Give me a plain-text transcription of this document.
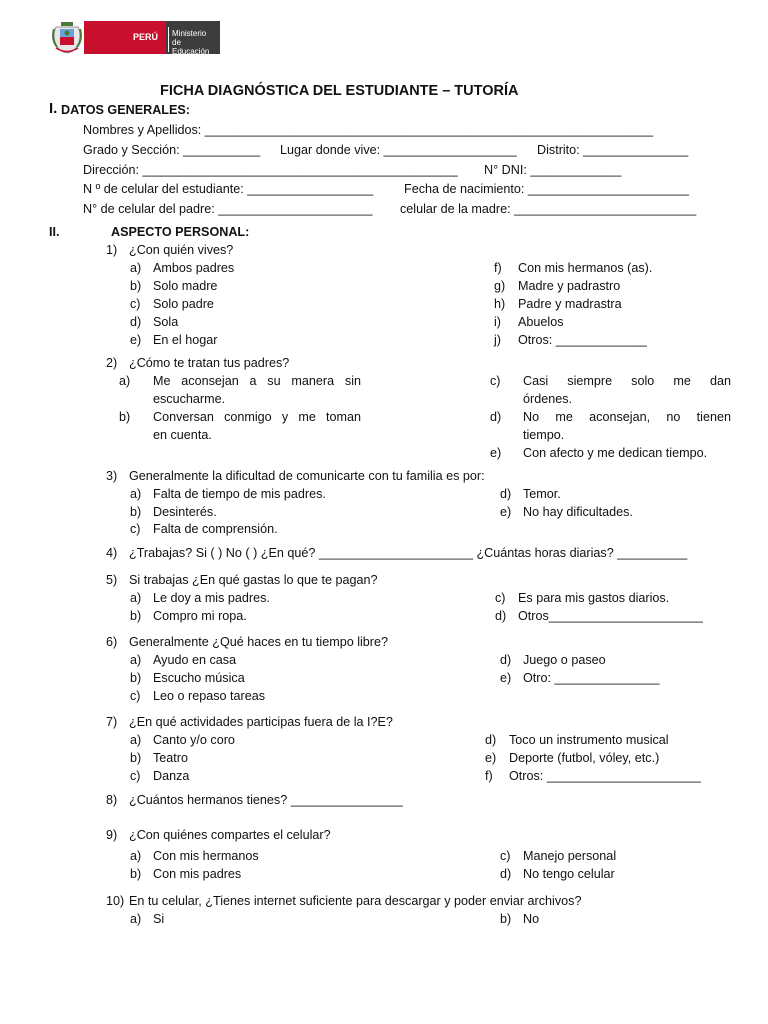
PERÚ Ministerio
de Educación
FICHA DIAGNÓSTICA DEL ESTUDIANTE – TUTORÍA
I. DATOS GENERALES:
Nombres y Apellidos: ________________________________________________________________
Grado y Sección: ___________ Lugar donde vive: ___________________ Distrito: _______________
Dirección: _____________________________________________ N° DNI: _____________
N º de celular del estudiante: __________________ Fecha de nacimiento: _______________________
N° de celular del padre: ______________________ celular de la madre: __________________________
II.	ASPECTO PERSONAL:
1) ¿Con quién vives?
a) Ambos padres
b) Solo madre
c) Solo padre
d) Sola
e) En el hogar
f) Con mis hermanos (as).
g) Madre y padrastro
h) Padre y madrastra
i) Abuelos
j) Otros: _____________
2) ¿Cómo te tratan tus padres?
a) Me aconsejan a su manera sin
escucharme.
b) Conversan conmigo y me toman
en cuenta.
c) Casi siempre solo me dan
órdenes.
d) No me aconsejan, no tienen
tiempo.
e) Con afecto y me dedican tiempo.
3) Generalmente la dificultad de comunicarte con tu familia es por:
a) Falta de tiempo de mis padres.
b) Desinterés.
c) Falta de comprensión.
d) Temor.
e) No hay dificultades.
4) ¿Trabajas? Si ( ) No ( ) ¿En qué? ______________________ ¿Cuántas horas diarias? __________
5) Si trabajas ¿En qué gastas lo que te pagan?
a) Le doy a mis padres.
b) Compro mi ropa.
c) Es para mis gastos diarios.
d) Otros______________________
6) Generalmente ¿Qué haces en tu tiempo libre?
a) Ayudo en casa
b) Escucho música
c) Leo o repaso tareas
d) Juego o paseo
e) Otro: _______________
7) ¿En qué actividades participas fuera de la I?E?
a) Canto y/o coro
b) Teatro
c) Danza
d) Toco un instrumento musical
e) Deporte (futbol, vóley, etc.)
f) Otros: ______________________
8) ¿Cuántos hermanos tienes? ________________
9) ¿Con quiénes compartes el celular?
a) Con mis hermanos
b) Con mis padres
c) Manejo personal
d) No tengo celular
10) En tu celular, ¿Tienes internet suficiente para descargar y poder enviar archivos?
a) Si	b) No
